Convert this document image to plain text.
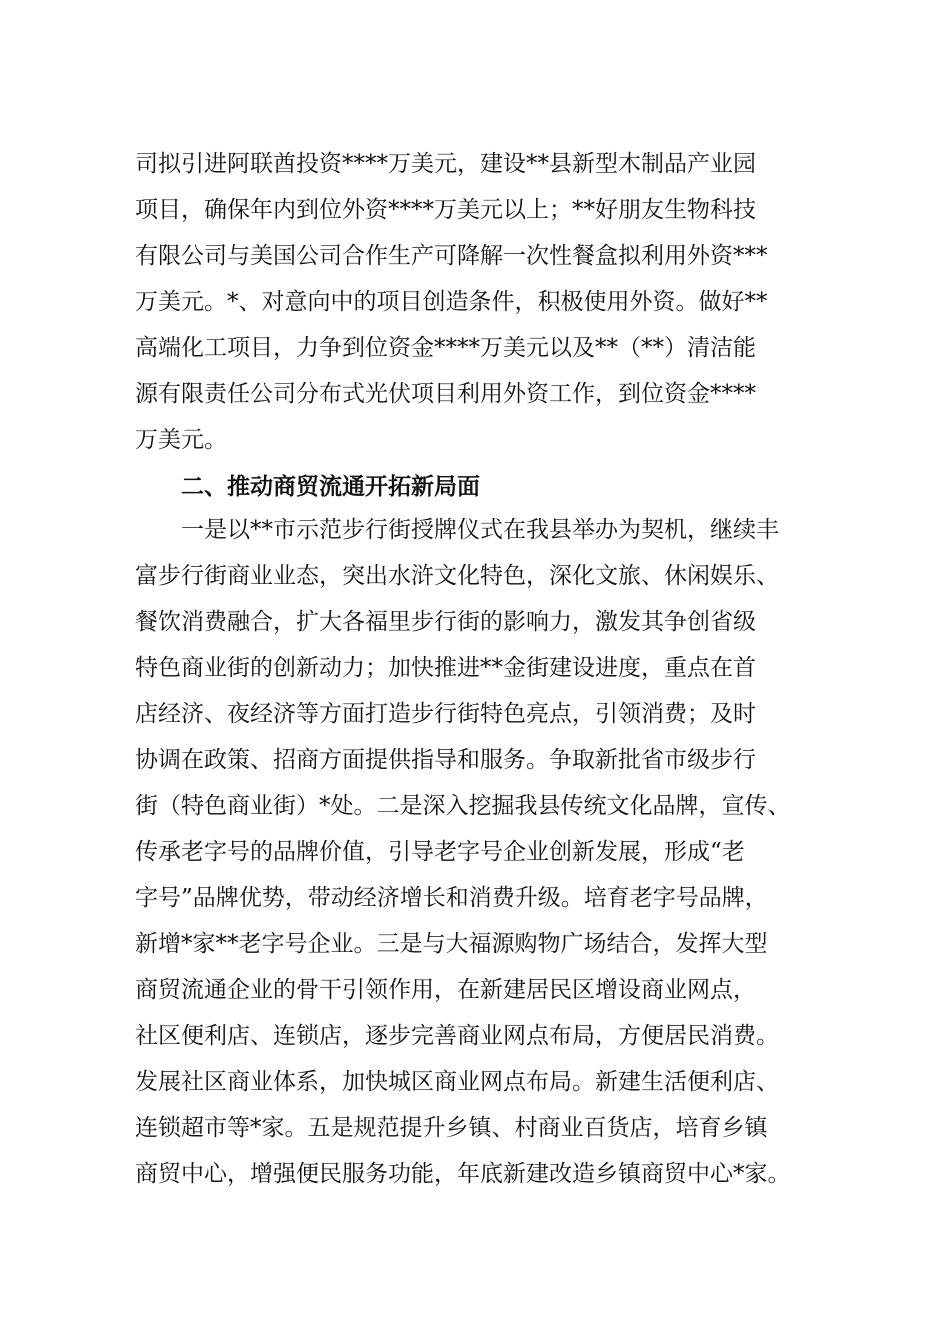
司拟引进阿联酋投资****万美元，建设**县新型木制品产业园
项目，确保年内到位外资****万美元以上；**好朋友生物科技
有限公司与美国公司合作生产可降解一次性餐盒拟利用外资***
万美元。*、对意向中的项目创造条件，积极使用外资。做好**
高端化工项目，力争到位资金****万美元以及**（**）清洁能
源有限责任公司分布式光伏项目利用外资工作，到位资金****
万美元。
　　二、推动商贸流通开拓新局面
　　一是以**市示范步行街授牌仪式在我县举办为契机，继续丰
富步行街商业业态，突出水浒文化特色，深化文旅、休闲娱乐、
餐饮消费融合，扩大各福里步行街的影响力，激发其争创省级
特色商业街的创新动力；加快推进**金街建设进度，重点在首
店经济、夜经济等方面打造步行街特色亮点，引领消费；及时
协调在政策、招商方面提供指导和服务。争取新批省市级步行
街（特色商业街）*处。二是深入挖掘我县传统文化品牌，宣传、
传承老字号的品牌价值，引导老字号企业创新发展，形成“老
字号”品牌优势，带动经济增长和消费升级。培育老字号品牌，
新增*家**老字号企业。三是与大福源购物广场结合，发挥大型
商贸流通企业的骨干引领作用，在新建居民区增设商业网点，
社区便利店、连锁店，逐步完善商业网点布局，方便居民消费。
发展社区商业体系，加快城区商业网点布局。新建生活便利店、
连锁超市等*家。五是规范提升乡镇、村商业百货店，培育乡镇
商贸中心，增强便民服务功能，年底新建改造乡镇商贸中心*家。
